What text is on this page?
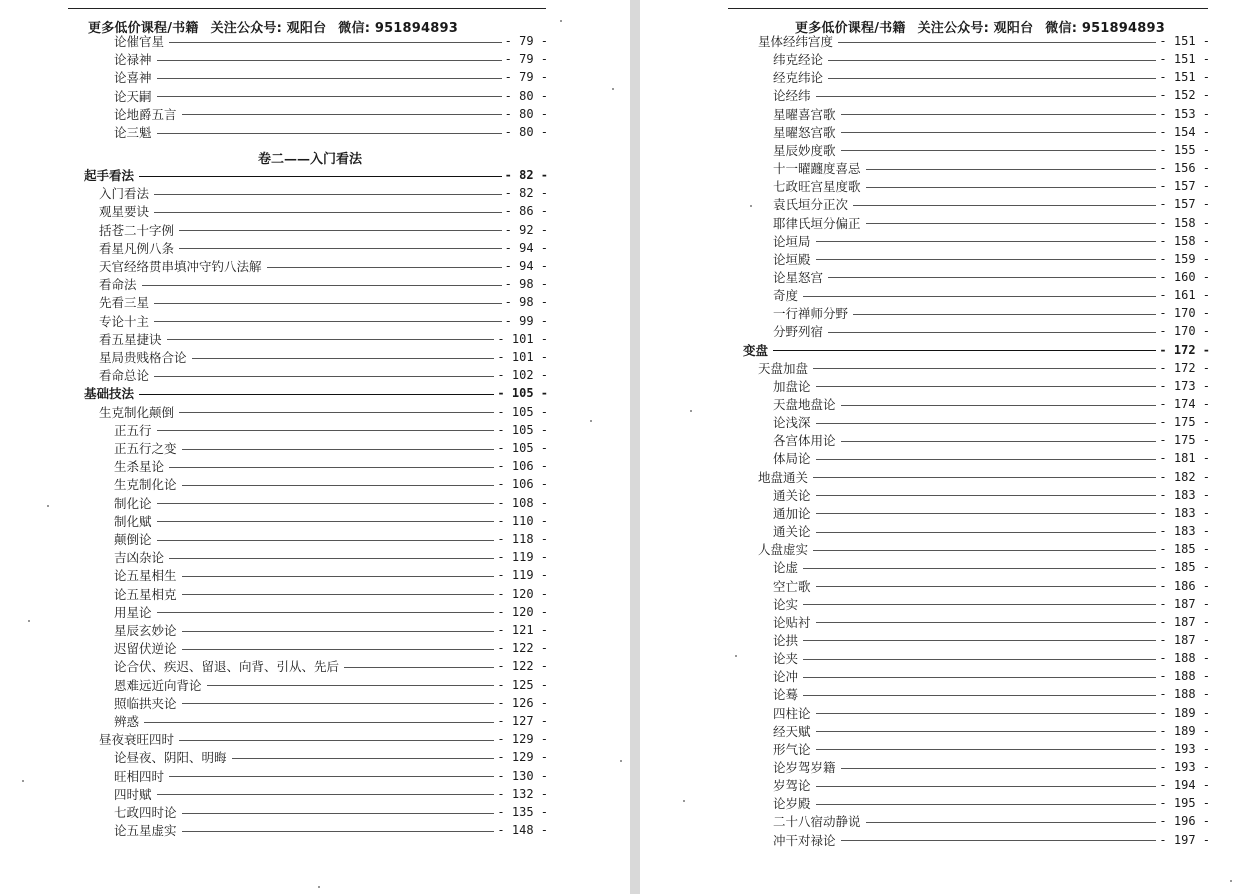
更多低价课程/书籍 关注公众号: 观阳台 微信: 951894893
卷二——入门看法
论催官星	- 79 -
论禄神	- 79 -
论喜神	- 79 -
论天嗣	- 80 -
论地爵五言	- 80 -
论三魁	- 80 -
起手看法	- 82 -
入门看法	- 82 -
观星要诀	- 86 -
括苍二十字例	- 92 -
看星凡例八条	- 94 -
天官经络贯串填冲守钓八法解	- 94 -
看命法	- 98 -
先看三星	- 98 -
专论十主	- 99 -
看五星捷诀	- 101 -
星局贵贱格合论	- 101 -
看命总论	- 102 -
基础技法	- 105 -
生克制化颠倒	- 105 -
正五行	- 105 -
正五行之变	- 105 -
生杀星论	- 106 -
生克制化论	- 106 -
制化论	- 108 -
制化赋	- 110 -
颠倒论	- 118 -
吉凶杂论	- 119 -
论五星相生	- 119 -
论五星相克	- 120 -
用星论	- 120 -
星辰玄妙论	- 121 -
迟留伏逆论	- 122 -
论合伏、疾迟、留退、向背、引从、先后	- 122 -
恩难远近向背论	- 125 -
照临拱夹论	- 126 -
辨惑	- 127 -
昼夜衰旺四时	- 129 -
论昼夜、阴阳、明晦	- 129 -
旺相四时	- 130 -
四时赋	- 132 -
七政四时论	- 135 -
论五星虚实	- 148 -
更多低价课程/书籍 关注公众号: 观阳台 微信: 951894893
星体经纬宫度	- 151 -
纬克经论	- 151 -
经克纬论	- 151 -
论经纬	- 152 -
星曜喜宫歌	- 153 -
星曜怒宫歌	- 154 -
星辰妙度歌	- 155 -
十一曜躔度喜忌	- 156 -
七政旺宫星度歌	- 157 -
袁氏垣分正次	- 157 -
耶律氏垣分偏正	- 158 -
论垣局	- 158 -
论垣殿	- 159 -
论星怒宫	- 160 -
奇度	- 161 -
一行禅师分野	- 170 -
分野列宿	- 170 -
变盘	- 172 -
天盘加盘	- 172 -
加盘论	- 173 -
天盘地盘论	- 174 -
论浅深	- 175 -
各宫体用论	- 175 -
体局论	- 181 -
地盘通关	- 182 -
通关论	- 183 -
通加论	- 183 -
通关论	- 183 -
人盘虚实	- 185 -
论虚	- 185 -
空亡歌	- 186 -
论实	- 187 -
论贴衬	- 187 -
论拱	- 187 -
论夹	- 188 -
论冲	- 188 -
论蓦	- 188 -
四柱论	- 189 -
经天赋	- 189 -
形气论	- 193 -
论岁驾岁籍	- 193 -
岁驾论	- 194 -
论岁殿	- 195 -
二十八宿动静说	- 196 -
冲干对禄论	- 197 -
